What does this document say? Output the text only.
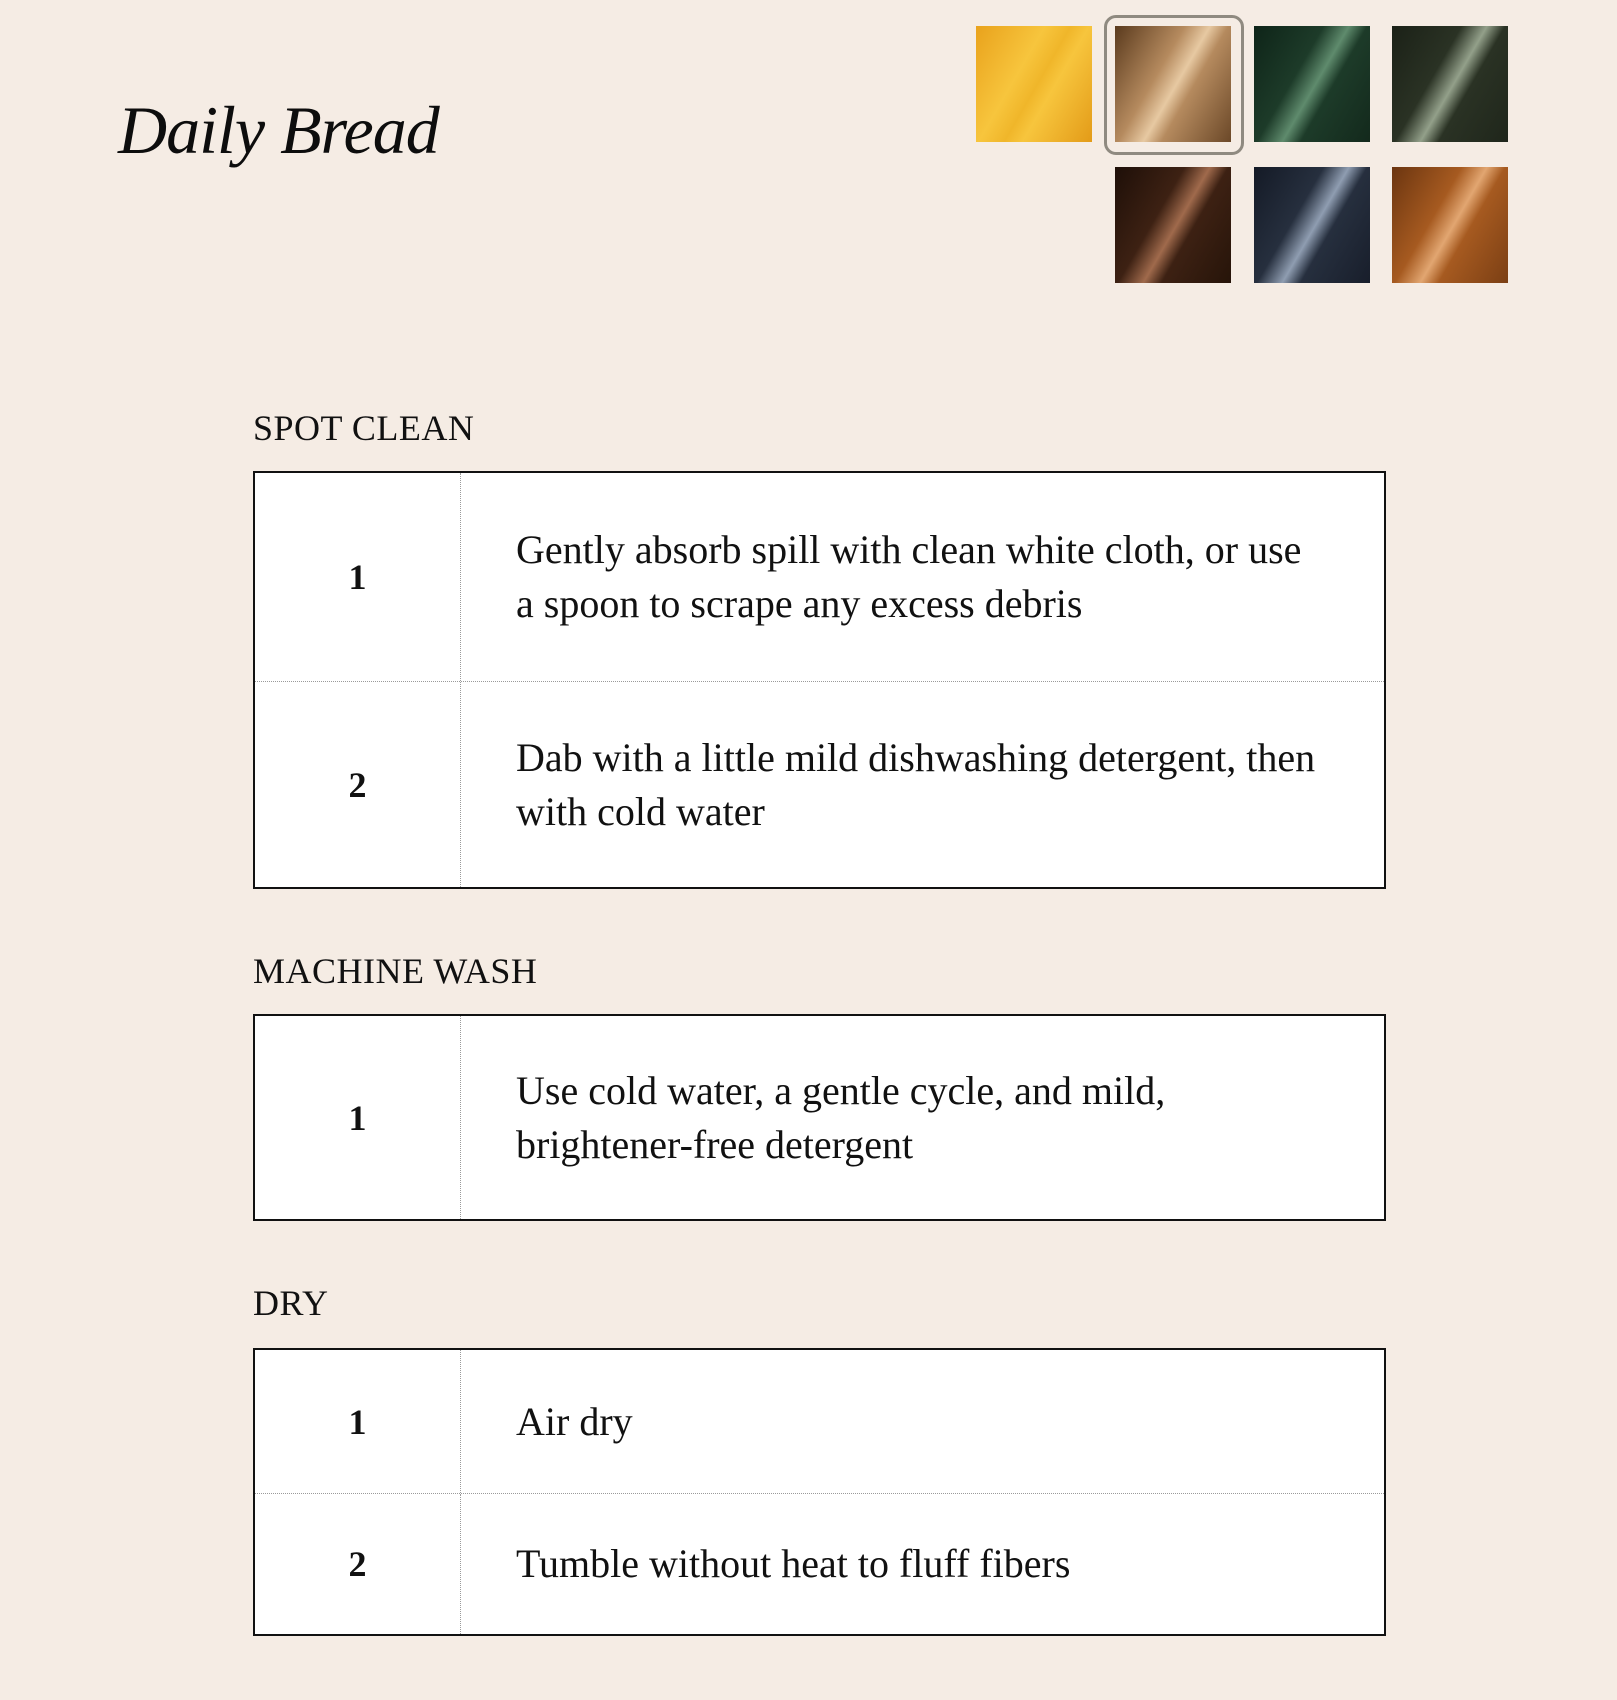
Daily Bread
SPOT CLEAN
1
Gently absorb spill with clean white cloth, or use a spoon to scrape any excess debris
2
Dab with a little mild dishwashing detergent, then with cold water
MACHINE WASH
1
Use cold water, a gentle cycle, and mild, brightener-free detergent
DRY
1	Air dry
2	Tumble without heat to fluff fibers
